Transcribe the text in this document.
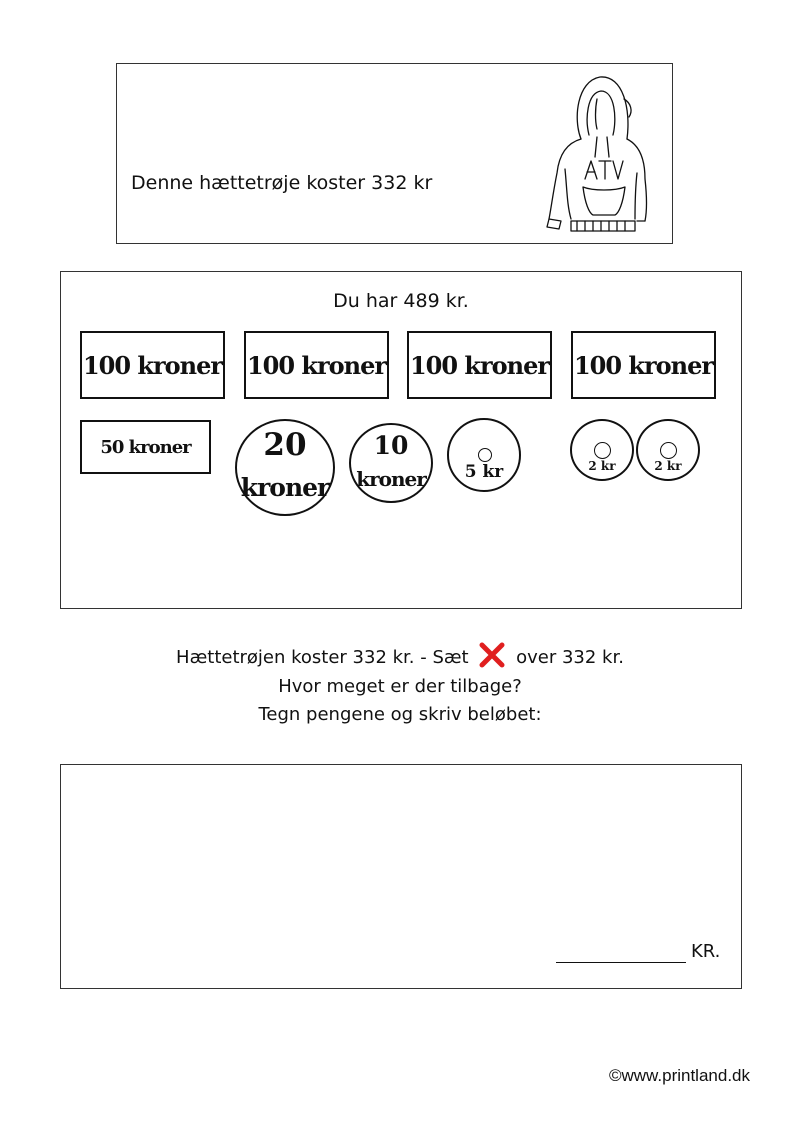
Denne hættetrøje koster 332 kr
Du har 489 kr.
100 kroner 100 kroner 100 kroner 100 kroner
50 kroner	20
kroner
10
kroner	5 kr	2 kr	2 kr
Hættetrøjen koster 332 kr. - Sæt	over 332 kr.
Hvor meget er der tilbage?
Tegn pengene og skriv beløbet:
KR.
©www.printland.dk
